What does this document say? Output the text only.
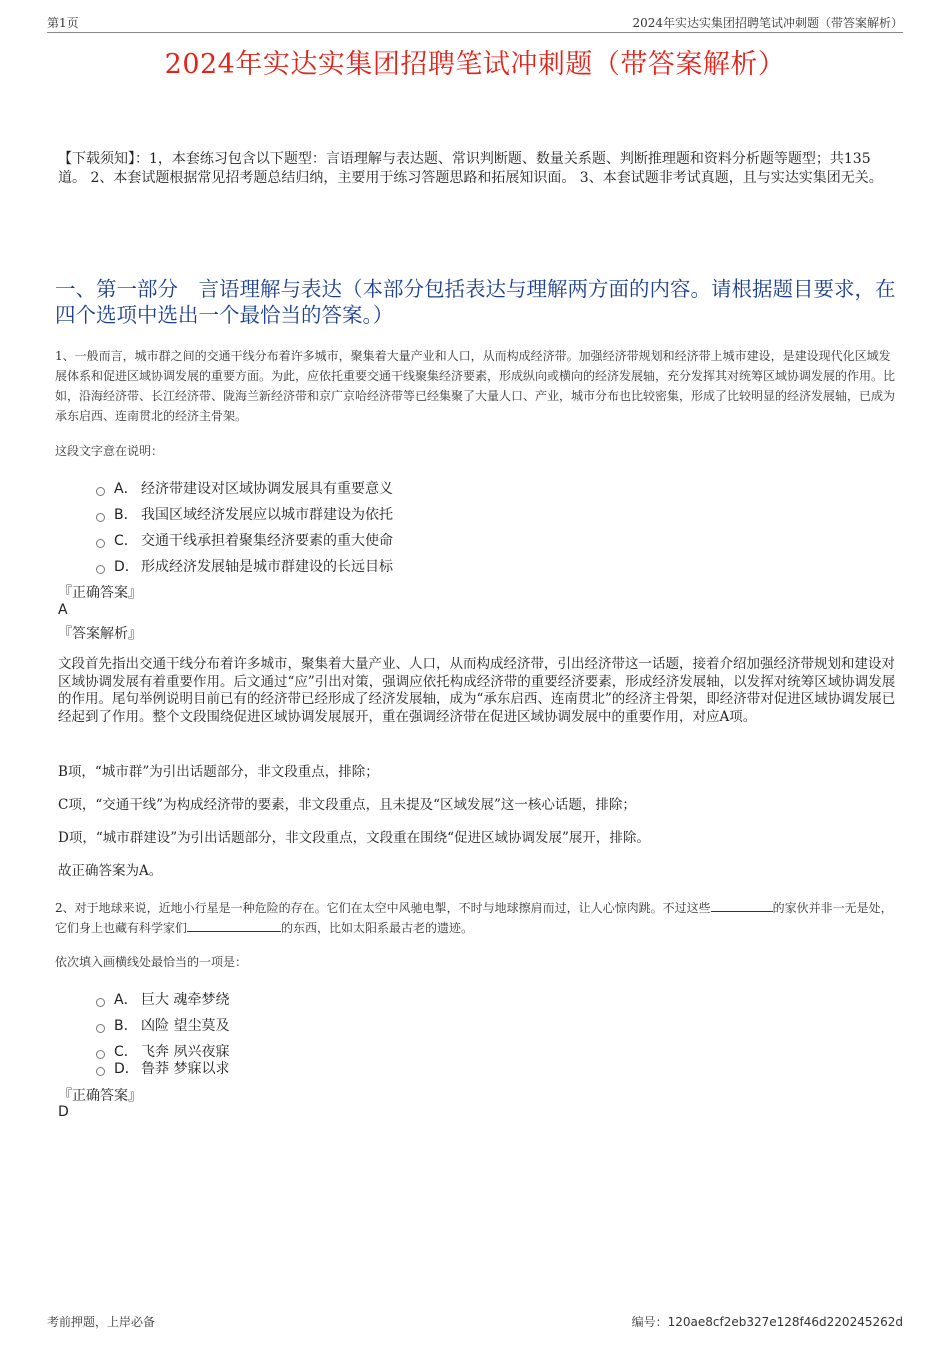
第1页	2024年实达实集团招聘笔试冲刺题（带答案解析）
2024年实达实集团招聘笔试冲刺题（带答案解析）
【下载须知】：1，本套练习包含以下题型：言语理解与表达题、常识判断题、数量关系题、判断推理题和资料分析题等题型；共135道。 2、本套试题根据常见招考题总结归纳，主要用于练习答题思路和拓展知识面。 3、本套试题非考试真题，且与实达实集团无关。
一、第一部分　言语理解与表达（本部分包括表达与理解两方面的内容。请根据题目要求，在四个选项中选出一个最恰当的答案。）
1、一般而言，城市群之间的交通干线分布着许多城市，聚集着大量产业和人口，从而构成经济带。加强经济带规划和经济带上城市建设，是建设现代化区域发展体系和促进区域协调发展的重要方面。为此，应依托重要交通干线聚集经济要素，形成纵向或横向的经济发展轴，充分发挥其对统筹区域协调发展的作用。比如，沿海经济带、长江经济带、陇海兰新经济带和京广京哈经济带等已经集聚了大量人口、产业，城市分布也比较密集，形成了比较明显的经济发展轴，已成为承东启西、连南贯北的经济主骨架。
这段文字意在说明：
A． 经济带建设对区域协调发展具有重要意义
B． 我国区域经济发展应以城市群建设为依托
C． 交通干线承担着聚集经济要素的重大使命
D． 形成经济发展轴是城市群建设的长远目标
『正确答案』
A
『答案解析』
文段首先指出交通干线分布着许多城市，聚集着大量产业、人口，从而构成经济带，引出经济带这一话题，接着介绍加强经济带规划和建设对区域协调发展有着重要作用。后文通过“应”引出对策，强调应依托构成经济带的重要经济要素，形成经济发展轴，以发挥对统筹区域协调发展的作用。尾句举例说明目前已有的经济带已经形成了经济发展轴，成为“承东启西、连南贯北”的经济主骨架，即经济带对促进区域协调发展已经起到了作用。整个文段围绕促进区域协调发展展开，重在强调经济带在促进区域协调发展中的重要作用，对应A项。
B项，“城市群”为引出话题部分，非文段重点，排除；
C项，“交通干线”为构成经济带的要素，非文段重点，且未提及“区域发展”这一核心话题，排除；
D项，“城市群建设”为引出话题部分，非文段重点，文段重在围绕“促进区域协调发展”展开，排除。
故正确答案为A。
2、对于地球来说，近地小行星是一种危险的存在。它们在太空中风驰电掣，不时与地球擦肩而过，让人心惊肉跳。不过这些	的家伙并非一无是处，它们身上也藏有科学家们	的东西，比如太阳系最古老的遗迹。
依次填入画横线处最恰当的一项是：
A． 巨大 魂牵梦绕
B． 凶险 望尘莫及
C． 飞奔 夙兴夜寐
D． 鲁莽 梦寐以求
『正确答案』
D
考前押题，上岸必备	编号：120ae8cf2eb327e128f46d220245262d
